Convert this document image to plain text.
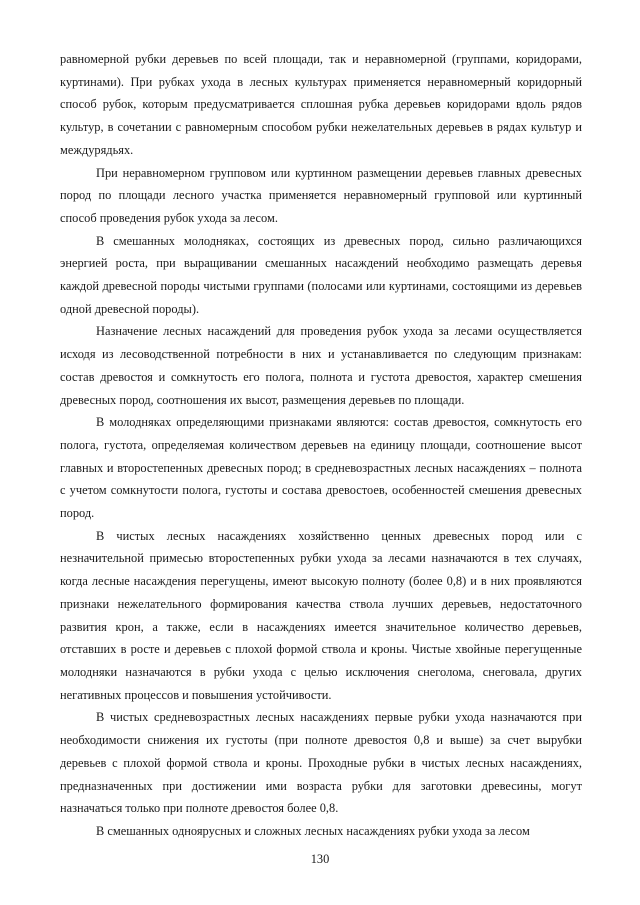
равномерной рубки деревьев по всей площади, так и неравномерной (группами, коридорами, куртинами). При рубках ухода в лесных культурах применяется неравномерный коридорный способ рубок, которым предусматривается сплошная рубка деревьев коридорами вдоль рядов культур, в сочетании с равномерным способом рубки нежелательных деревьев в рядах культур и междурядьях.

При неравномерном групповом или куртинном размещении деревьев главных древесных пород по площади лесного участка применяется неравномерный групповой или куртинный способ проведения рубок ухода за лесом.

В смешанных молодняках, состоящих из древесных пород, сильно различающихся энергией роста, при выращивании смешанных насаждений необходимо размещать деревья каждой древесной породы чистыми группами (полосами или куртинами, состоящими из деревьев одной древесной породы).

Назначение лесных насаждений для проведения рубок ухода за лесами осуществляется исходя из лесоводственной потребности в них и устанавливается по следующим признакам: состав древостоя и сомкнутость его полога, полнота и густота древостоя, характер смешения древесных пород, соотношения их высот, размещения деревьев по площади.

В молодняках определяющими признаками являются: состав древостоя, сомкнутость его полога, густота, определяемая количеством деревьев на единицу площади, соотношение высот главных и второстепенных древесных пород; в средневозрастных лесных насаждениях – полнота с учетом сомкнутости полога, густоты и состава древостоев, особенностей смешения древесных пород.

В чистых лесных насаждениях хозяйственно ценных древесных пород или с незначительной примесью второстепенных рубки ухода за лесами назначаются в тех случаях, когда лесные насаждения перегущены, имеют высокую полноту (более 0,8) и в них проявляются признаки нежелательного формирования качества ствола лучших деревьев, недостаточного развития крон, а также, если в насаждениях имеется значительное количество деревьев, отставших в росте и деревьев с плохой формой ствола и кроны. Чистые хвойные перегущенные молодняки назначаются в рубки ухода с целью исключения снеголома, снеговала, других негативных процессов и повышения устойчивости.

В чистых средневозрастных лесных насаждениях первые рубки ухода назначаются при необходимости снижения их густоты (при полноте древостоя 0,8 и выше) за счет вырубки деревьев с плохой формой ствола и кроны. Проходные рубки в чистых лесных насаждениях, предназначенных при достижении ими возраста рубки для заготовки древесины, могут назначаться только при полноте древостоя более 0,8.

В смешанных одноярусных и сложных лесных насаждениях рубки ухода за лесом

130
